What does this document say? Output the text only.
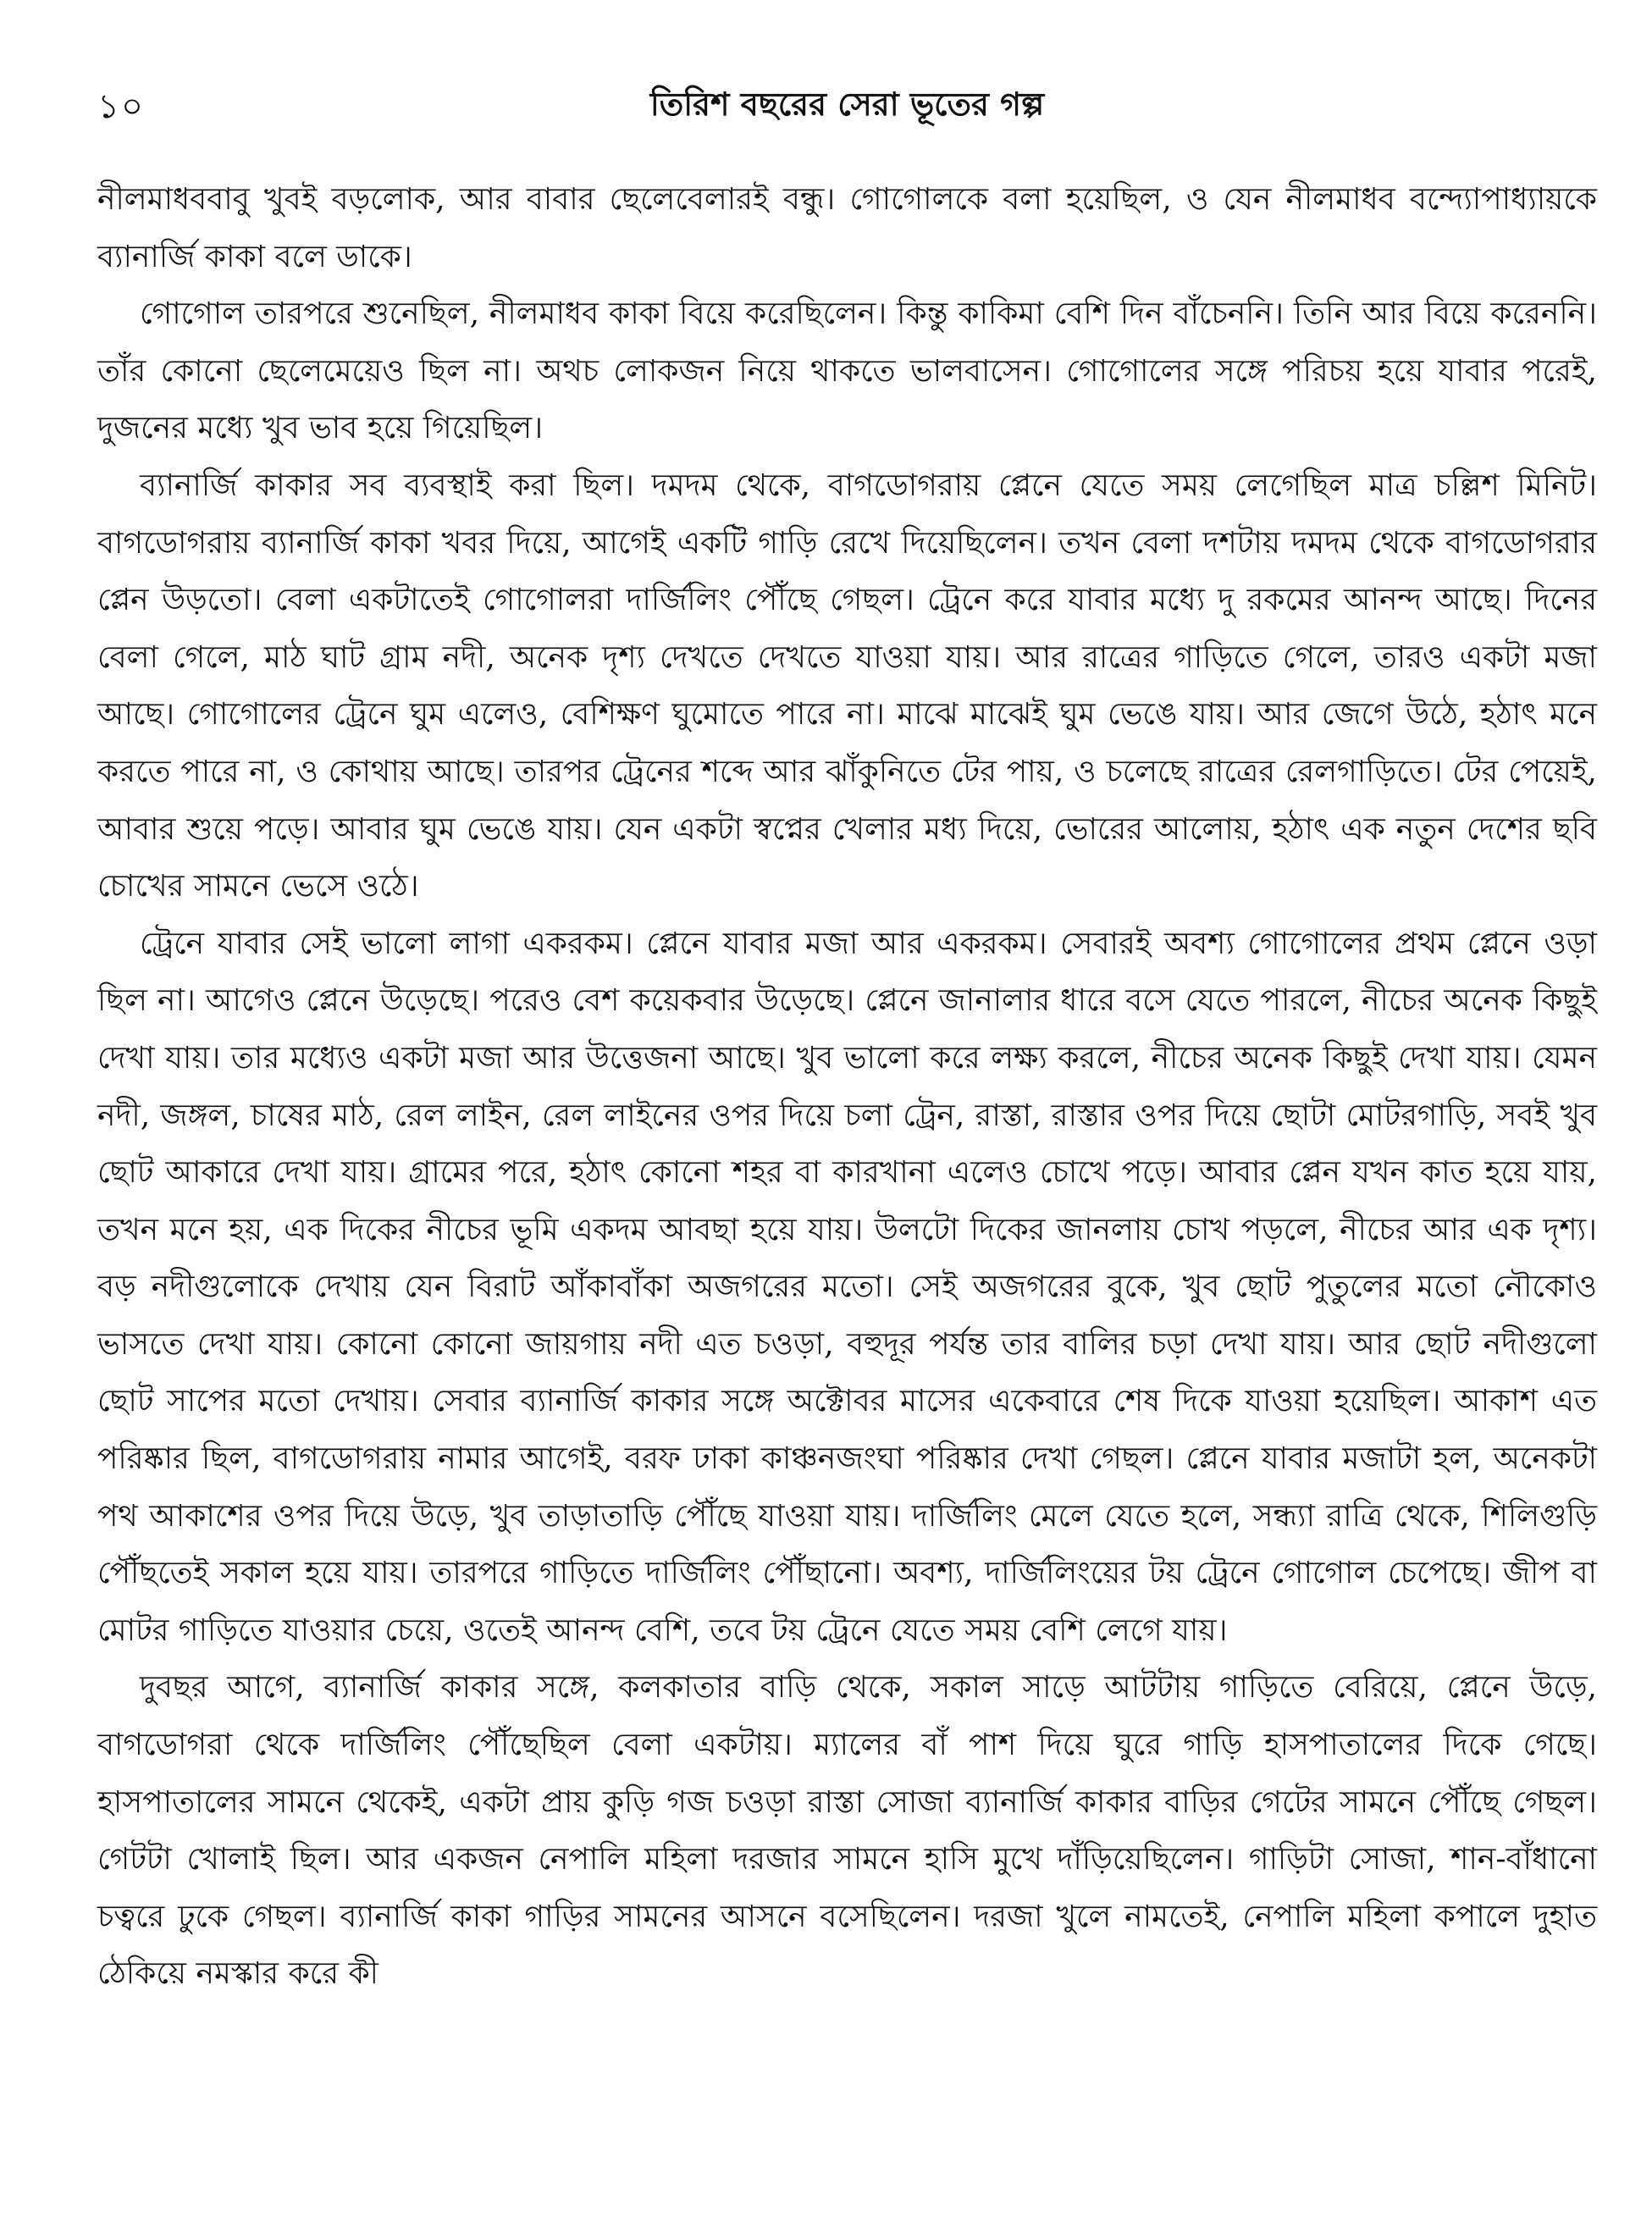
১০	তিরিশ বছরের সেরা ভূতের গল্প

নীলমাধববাবু খুবই বড়লোক, আর বাবার ছেলেবেলারই বন্ধু। গোগোলকে বলা হয়েছিল, ও যেন নীলমাধব বন্দ্যোপাধ্যায়কে ব্যানার্জি কাকা বলে ডাকে।

গোগোল তারপরে শুনেছিল, নীলমাধব কাকা বিয়ে করেছিলেন। কিন্তু কাকিমা বেশি দিন বাঁচেননি। তিনি আর বিয়ে করেননি। তাঁর কোনো ছেলেমেয়েও ছিল না। অথচ লোকজন নিয়ে থাকতে ভালবাসেন। গোগোলের সঙ্গে পরিচয় হয়ে যাবার পরেই, দুজনের মধ্যে খুব ভাব হয়ে গিয়েছিল।

ব্যানার্জি কাকার সব ব্যবস্থাই করা ছিল। দমদম থেকে, বাগডোগরায় প্লেনে যেতে সময় লেগেছিল মাত্র চল্লিশ মিনিট। বাগডোগরায় ব্যানার্জি কাকা খবর দিয়ে, আগেই একটি গাড়ি রেখে দিয়েছিলেন। তখন বেলা দশটায় দমদম থেকে বাগডোগরার প্লেন উড়তো। বেলা একটাতেই গোগোলরা দার্জিলিং পৌঁছে গেছল। ট্রেনে করে যাবার মধ্যে দু রকমের আনন্দ আছে। দিনের বেলা গেলে, মাঠ ঘাট গ্রাম নদী, অনেক দৃশ্য দেখতে দেখতে যাওয়া যায়। আর রাত্রের গাড়িতে গেলে, তারও একটা মজা আছে। গোগোলের ট্রেনে ঘুম এলেও, বেশিক্ষণ ঘুমোতে পারে না। মাঝে মাঝেই ঘুম ভেঙে যায়। আর জেগে উঠে, হঠাৎ মনে করতে পারে না, ও কোথায় আছে। তারপর ট্রেনের শব্দে আর ঝাঁকুনিতে টের পায়, ও চলেছে রাত্রের রেলগাড়িতে। টের পেয়েই, আবার শুয়ে পড়ে। আবার ঘুম ভেঙে যায়। যেন একটা স্বপ্নের খেলার মধ্য দিয়ে, ভোরের আলোয়, হঠাৎ এক নতুন দেশের ছবি চোখের সামনে ভেসে ওঠে।

ট্রেনে যাবার সেই ভালো লাগা একরকম। প্লেনে যাবার মজা আর একরকম। সেবারই অবশ্য গোগোলের প্রথম প্লেনে ওড়া ছিল না। আগেও প্লেনে উড়েছে। পরেও বেশ কয়েকবার উড়েছে। প্লেনে জানালার ধারে বসে যেতে পারলে, নীচের অনেক কিছুই দেখা যায়। তার মধ্যেও একটা মজা আর উত্তেজনা আছে। খুব ভালো করে লক্ষ্য করলে, নীচের অনেক কিছুই দেখা যায়। যেমন নদী, জঙ্গল, চাষের মাঠ, রেল লাইন, রেল লাইনের ওপর দিয়ে চলা ট্রেন, রাস্তা, রাস্তার ওপর দিয়ে ছোটা মোটরগাড়ি, সবই খুব ছোট আকারে দেখা যায়। গ্রামের পরে, হঠাৎ কোনো শহর বা কারখানা এলেও চোখে পড়ে। আবার প্লেন যখন কাত হয়ে যায়, তখন মনে হয়, এক দিকের নীচের ভূমি একদম আবছা হয়ে যায়। উলটো দিকের জানলায় চোখ পড়লে, নীচের আর এক দৃশ্য। বড় নদীগুলোকে দেখায় যেন বিরাট আঁকাবাঁকা অজগরের মতো। সেই অজগরের বুকে, খুব ছোট পুতুলের মতো নৌকোও ভাসতে দেখা যায়। কোনো কোনো জায়গায় নদী এত চওড়া, বহুদূর পর্যন্ত তার বালির চড়া দেখা যায়। আর ছোট নদীগুলো ছোট সাপের মতো দেখায়। সেবার ব্যানার্জি কাকার সঙ্গে অক্টোবর মাসের একেবারে শেষ দিকে যাওয়া হয়েছিল। আকাশ এত পরিষ্কার ছিল, বাগডোগরায় নামার আগেই, বরফ ঢাকা কাঞ্চনজংঘা পরিষ্কার দেখা গেছল। প্লেনে যাবার মজাটা হল, অনেকটা পথ আকাশের ওপর দিয়ে উড়ে, খুব তাড়াতাড়ি পৌঁছে যাওয়া যায়। দার্জিলিং মেলে যেতে হলে, সন্ধ্যা রাত্রি থেকে, শিলিগুড়ি পৌঁছতেই সকাল হয়ে যায়। তারপরে গাড়িতে দার্জিলিং পৌঁছানো। অবশ্য, দার্জিলিংয়ের টয় ট্রেনে গোগোল চেপেছে। জীপ বা মোটর গাড়িতে যাওয়ার চেয়ে, ওতেই আনন্দ বেশি, তবে টয় ট্রেনে যেতে সময় বেশি লেগে যায়।

দুবছর আগে, ব্যানার্জি কাকার সঙ্গে, কলকাতার বাড়ি থেকে, সকাল সাড়ে আটটায় গাড়িতে বেরিয়ে, প্লেনে উড়ে, বাগডোগরা থেকে দার্জিলিং পৌঁছেছিল বেলা একটায়। ম্যালের বাঁ পাশ দিয়ে ঘুরে গাড়ি হাসপাতালের দিকে গেছে। হাসপাতালের সামনে থেকেই, একটা প্রায় কুড়ি গজ চওড়া রাস্তা সোজা ব্যানার্জি কাকার বাড়ির গেটের সামনে পৌঁছে গেছল। গেটটা খোলাই ছিল। আর একজন নেপালি মহিলা দরজার সামনে হাসি মুখে দাঁড়িয়েছিলেন। গাড়িটা সোজা, শান-বাঁধানো চত্বরে ঢুকে গেছল। ব্যানার্জি কাকা গাড়ির সামনের আসনে বসেছিলেন। দরজা খুলে নামতেই, নেপালি মহিলা কপালে দুহাত ঠেকিয়ে নমস্কার করে কী
